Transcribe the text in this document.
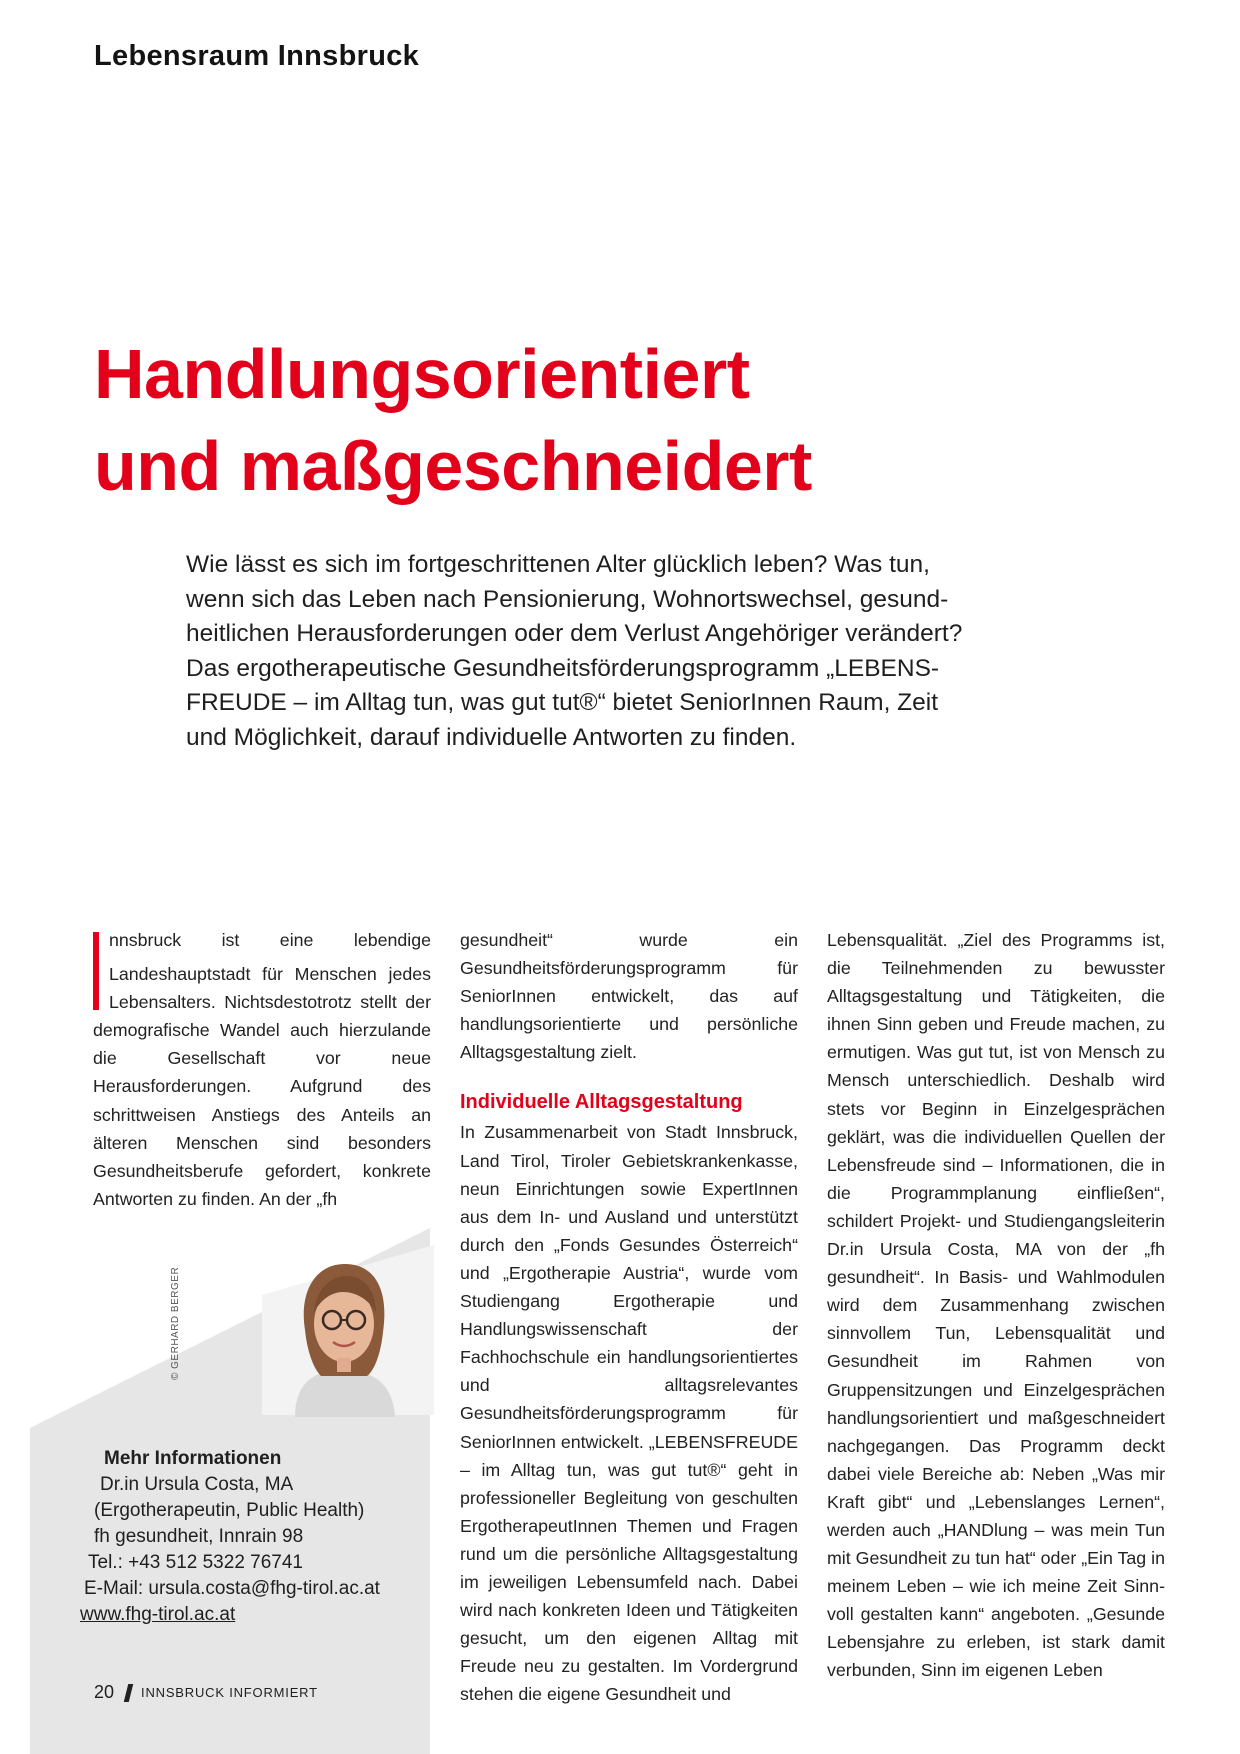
Lebensraum Innsbruck
Handlungsorientiert
und maßgeschneidert
Wie lässt es sich im fortgeschrittenen Alter glücklich leben? Was tun,
wenn sich das Leben nach Pensionierung, Wohnortswechsel, gesund-
heitlichen Herausforderungen oder dem Verlust Angehöriger verändert?
Das ergotherapeutische Gesundheitsförderungsprogramm „LEBENS-
FREUDE – im Alltag tun, was gut tut®“ bietet SeniorInnen Raum, Zeit
und Möglichkeit, darauf individuelle Antworten zu finden.

nnsbruck ist eine lebendige Landeshauptstadt für Menschen jedes Lebensalters. Nichtsdestotrotz stellt der demografische Wandel auch hierzulande die Gesellschaft vor neue Herausforderungen. Aufgrund des schrittweisen Anstiegs des Anteils an älteren Menschen sind besonders Gesundheitsberufe gefordert, konkrete Antworten zu finden. An der „fh

gesundheit“ wurde ein Gesundheitsförderungsprogramm für SeniorInnen entwickelt, das auf handlungsorientierte und persönliche Alltagsgestaltung zielt.

Individuelle Alltagsgestaltung

In Zusammenarbeit von Stadt Innsbruck, Land Tirol, Tiroler Gebietskrankenkasse, neun Einrichtungen sowie ExpertInnen aus dem In- und Ausland und unterstützt durch den „Fonds Gesundes Österreich“ und „Ergotherapie Austria“, wurde vom Studiengang Ergotherapie und Handlungswissenschaft der Fachhochschule ein handlungsorientiertes und alltagsrelevantes Gesundheitsförderungsprogramm für SeniorInnen entwickelt. „LEBENSFREUDE – im Alltag tun, was gut tut®“ geht in professioneller Begleitung von geschulten ErgotherapeutInnen Themen und Fragen rund um die persönliche Alltagsgestaltung im jeweiligen Lebensumfeld nach. Dabei wird nach konkreten Ideen und Tätigkeiten gesucht, um den eigenen Alltag mit Freude neu zu gestalten. Im Vordergrund stehen die eigene Gesundheit und

Lebensqualität. „Ziel des Programms ist, die Teilnehmenden zu bewusster Alltagsgestaltung und Tätigkeiten, die ihnen Sinn geben und Freude machen, zu ermutigen. Was gut tut, ist von Mensch zu Mensch unterschiedlich. Deshalb wird stets vor Beginn in Einzelgesprächen geklärt, was die individuellen Quellen der Lebensfreude sind – Informationen, die in die Programmplanung einfließen“, schildert Projekt- und Studiengangsleiterin Dr.in Ursula Costa, MA von der „fh gesundheit“. In Basis- und Wahlmodulen wird dem Zusammenhang zwischen sinnvollem Tun, Lebensqualität und Gesundheit im Rahmen von Gruppensitzungen und Einzelgesprächen handlungsorientiert und maßgeschneidert nachgegangen. Das Programm deckt dabei viele Bereiche ab: Neben „Was mir Kraft gibt“ und „Lebenslanges Lernen“, werden auch „HANDlung – was mein Tun mit Gesundheit zu tun hat“ oder „Ein Tag in meinem Leben – wie ich meine Zeit Sinn-voll gestalten kann“ angeboten. „Gesunde Lebensjahre zu erleben, ist stark damit verbunden, Sinn im eigenen Leben

© GERHARD BERGER
Mehr Informationen
Dr.in Ursula Costa, MA
(Ergotherapeutin, Public Health)
fh gesundheit, Innrain 98
Tel.: +43 512 5322 76741
E-Mail: ursula.costa@fhg-tirol.ac.at
www.fhg-tirol.ac.at
20 INNSBRUCK INFORMIERT
